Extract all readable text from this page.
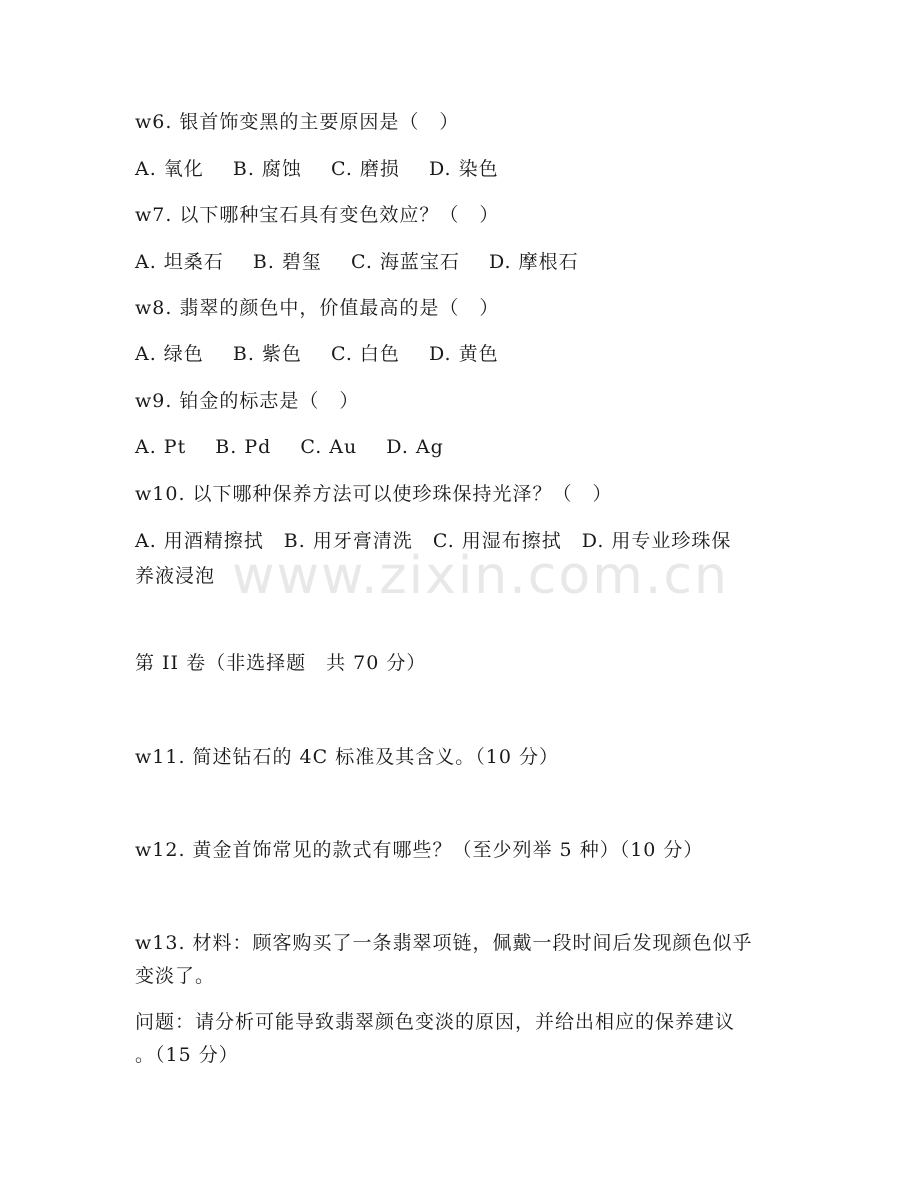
w6. 银首饰变黑的主要原因是（　）
A. 氧化 B. 腐蚀 C. 磨损 D. 染色
w7. 以下哪种宝石具有变色效应？（　）
A. 坦桑石 B. 碧玺 C. 海蓝宝石 D. 摩根石
w8. 翡翠的颜色中，价值最高的是（　）
A. 绿色 B. 紫色 C. 白色 D. 黄色
w9. 铂金的标志是（　）
A. Pt B. Pd C. Au D. Ag
w10. 以下哪种保养方法可以使珍珠保持光泽？（　）
A. 用酒精擦拭　B. 用牙膏清洗　C. 用湿布擦拭　D. 用专业珍珠保
养液浸泡 www.zixin.com.cn
第 II 卷（非选择题　共 70 分）
w11. 简述钻石的 4C 标准及其含义。（10 分）
w12. 黄金首饰常见的款式有哪些？（至少列举 5 种）（10 分）
w13. 材料：顾客购买了一条翡翠项链，佩戴一段时间后发现颜色似乎
变淡了。
问题：请分析可能导致翡翠颜色变淡的原因，并给出相应的保养建议
。（15 分）
